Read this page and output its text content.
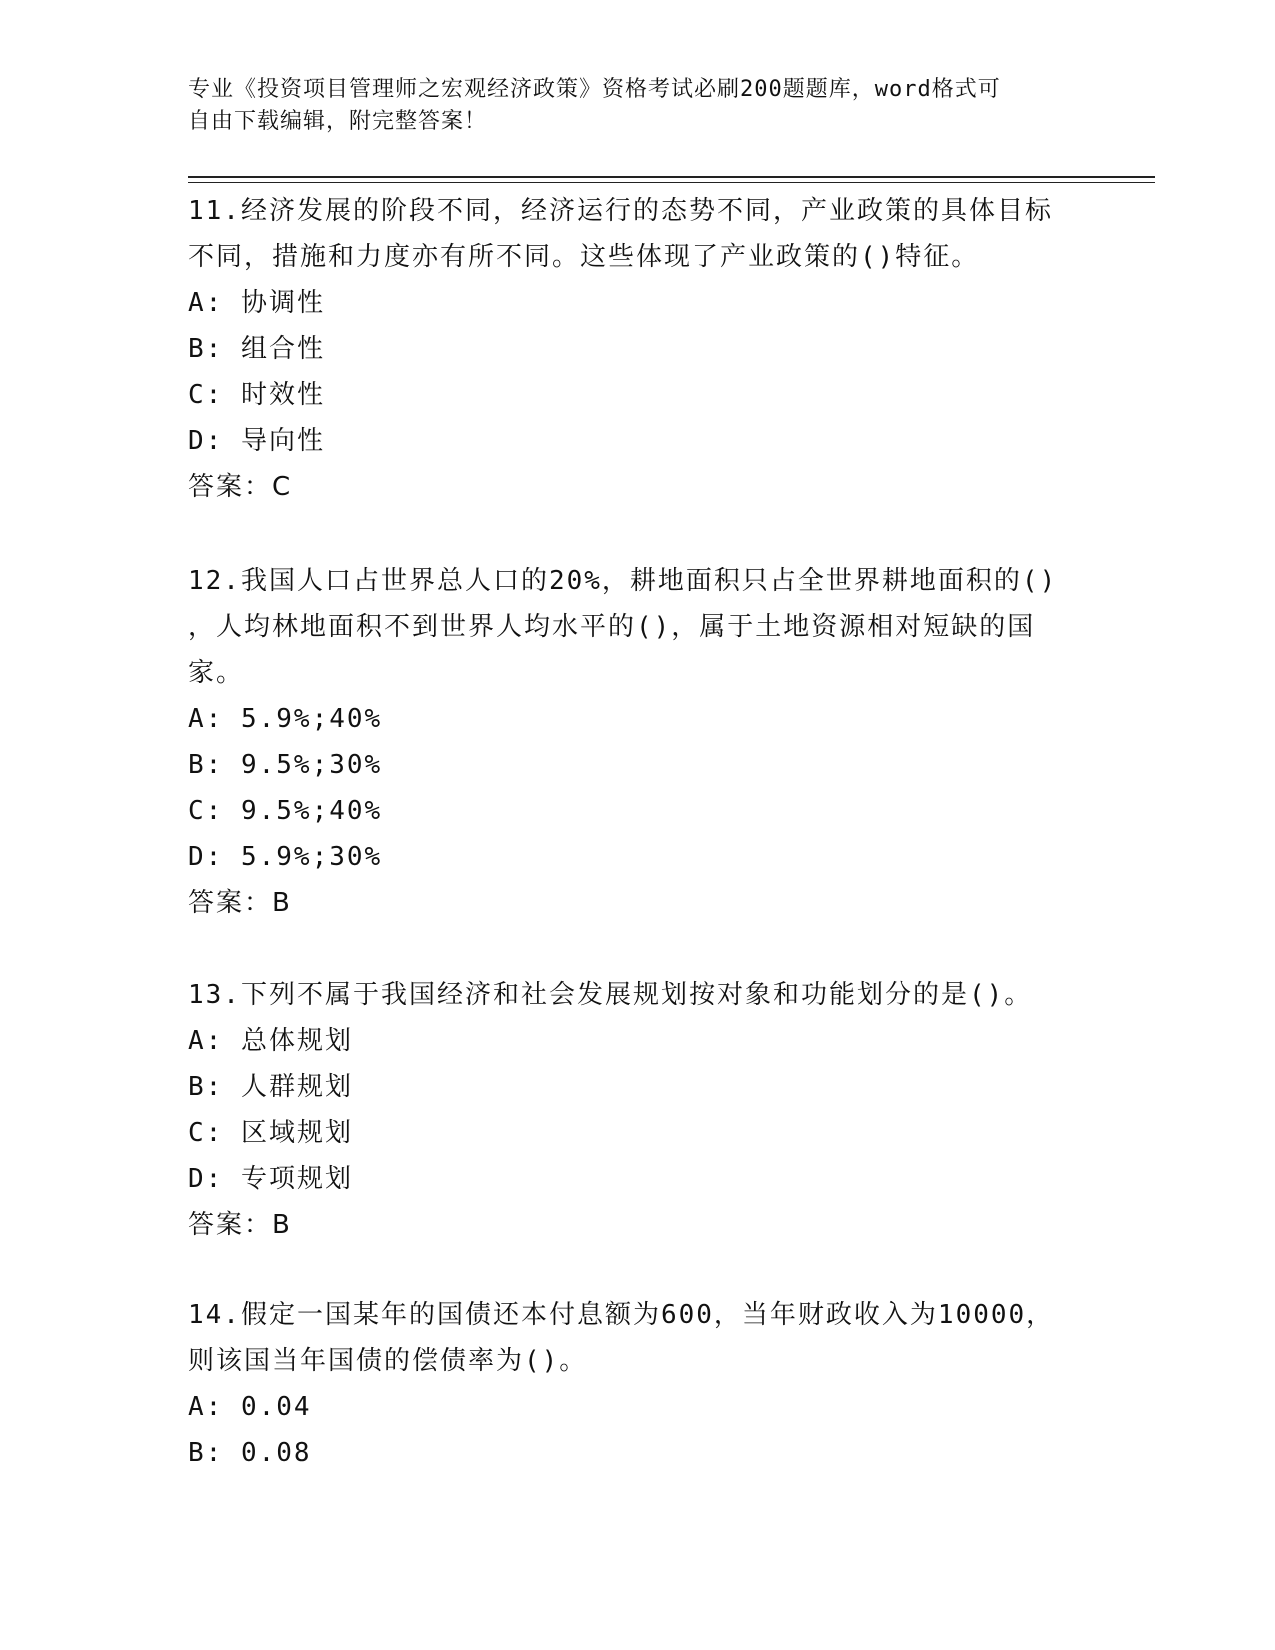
专业《投资项目管理师之宏观经济政策》资格考试必刷200题题库，word格式可
自由下载编辑，附完整答案！

11.经济发展的阶段不同，经济运行的态势不同，产业政策的具体目标

不同，措施和力度亦有所不同。这些体现了产业政策的()特征。

A: 协调性

B: 组合性

C: 时效性

D: 导向性

答案：C

12.我国人口占世界总人口的20%，耕地面积只占全世界耕地面积的()

，人均林地面积不到世界人均水平的()，属于土地资源相对短缺的国

家。

A: 5.9%;40%

B: 9.5%;30%

C: 9.5%;40%

D: 5.9%;30%

答案：B

13.下列不属于我国经济和社会发展规划按对象和功能划分的是()。

A: 总体规划

B: 人群规划

C: 区域规划

D: 专项规划

答案：B

14.假定一国某年的国债还本付息额为600，当年财政收入为10000，

则该国当年国债的偿债率为()。

A: 0.04

B: 0.08
